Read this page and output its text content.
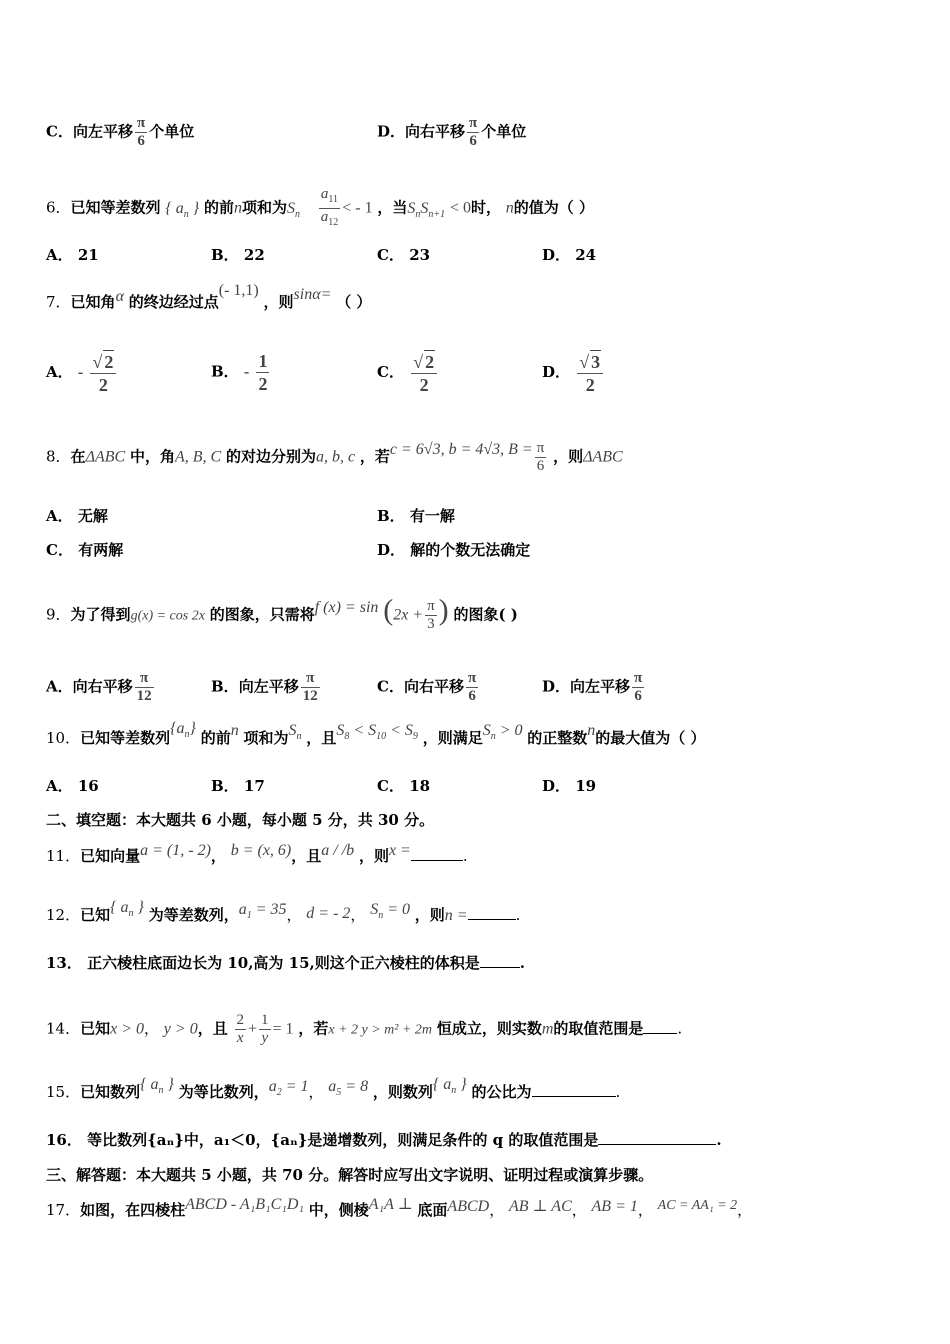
C．向左平移 $\frac{\pi}{6}$ 个单位	D．向右平移 $\frac{\pi}{6}$ 个单位
6．已知等差数列 { $a_n$ } 的前n项和为$S_n \frac{a_{11}}{a_{12}}$ < - 1 ，当$S_nS_{n+1} < 0$时， n的值为（ ）
A． 21	B． 22	C． 23	D． 24
7．已知角α 的终边经过点(- 1,1) ，则sinα= （ ）
A． - $\frac{√ 2}{2}$	B． - $\frac{1}{2}$	C． $\frac{√ 2}{2}$	D． $\frac{√ 3}{2}$
8．在ΔABC 中，角A, B, C 的对边分别为a, b, c ，若c = 6√3, b = 4√3, $B = \frac{\pi}{6}$ ，则ΔABC
A． 无解	B． 有一解
C． 有两解	D． 解的个数无法确定
9．为了得到g(x) = cos 2x 的图象，只需将f $(x) = \sin (2x + \frac{\pi}{3}$ ) 的图象( )
A．向右平移 $\frac{\pi}{12}$	B．向左平移 $\frac{\pi}{12}$	C．向右平移 $\frac{\pi}{6}$	D．向左平移 $\frac{\pi}{6}$
10．已知等差数列$\{a_n\}$ 的前n 项和为$S_n$ ，且$S_8 < S_{10} < S_9$ ，则满足$S_n > 0$ 的正整数n的最大值为（ ）
A． 16	B． 17	C． 18	D． 19
二、填空题：本大题共 6 小题，每小题 5 分，共 30 分。
11．已知向量a = (1, - 2)， b = (x, 6)，且a / /b ，则x =	.
12．已知{ $a_n$ } 为等差数列，$a_1 = 35$， d = - 2， $S_n = 0$ ，则n =	.
13． 正六棱柱底面边长为 10,高为 15,则这个正六棱柱的体积是	.
14．已知x > 0， y > 0，且 $\frac{2}{x} + \frac{1}{y} = 1$ ，若x + 2 y > m² + 2m 恒成立，则实数m的取值范围是 .
15．已知数列{ $a_n$ } 为等比数列，$a_2 = 1$， $a_5 = 8$ ，则数列{ $a_n$ } 的公比为	.
16． 等比数列{aₙ}中，a₁＜0，{aₙ}是递增数列，则满足条件的 q 的取值范围是	.
三、解答题：本大题共 5 小题，共 70 分。解答时应写出文字说明、证明过程或演算步骤。
17．如图，在四棱柱ABCD - A₁B₁C₁D₁ 中，侧棱A₁A ⊥ 底面ABCD， AB ⊥ AC， AB = 1， AC = AA₁ = 2，
